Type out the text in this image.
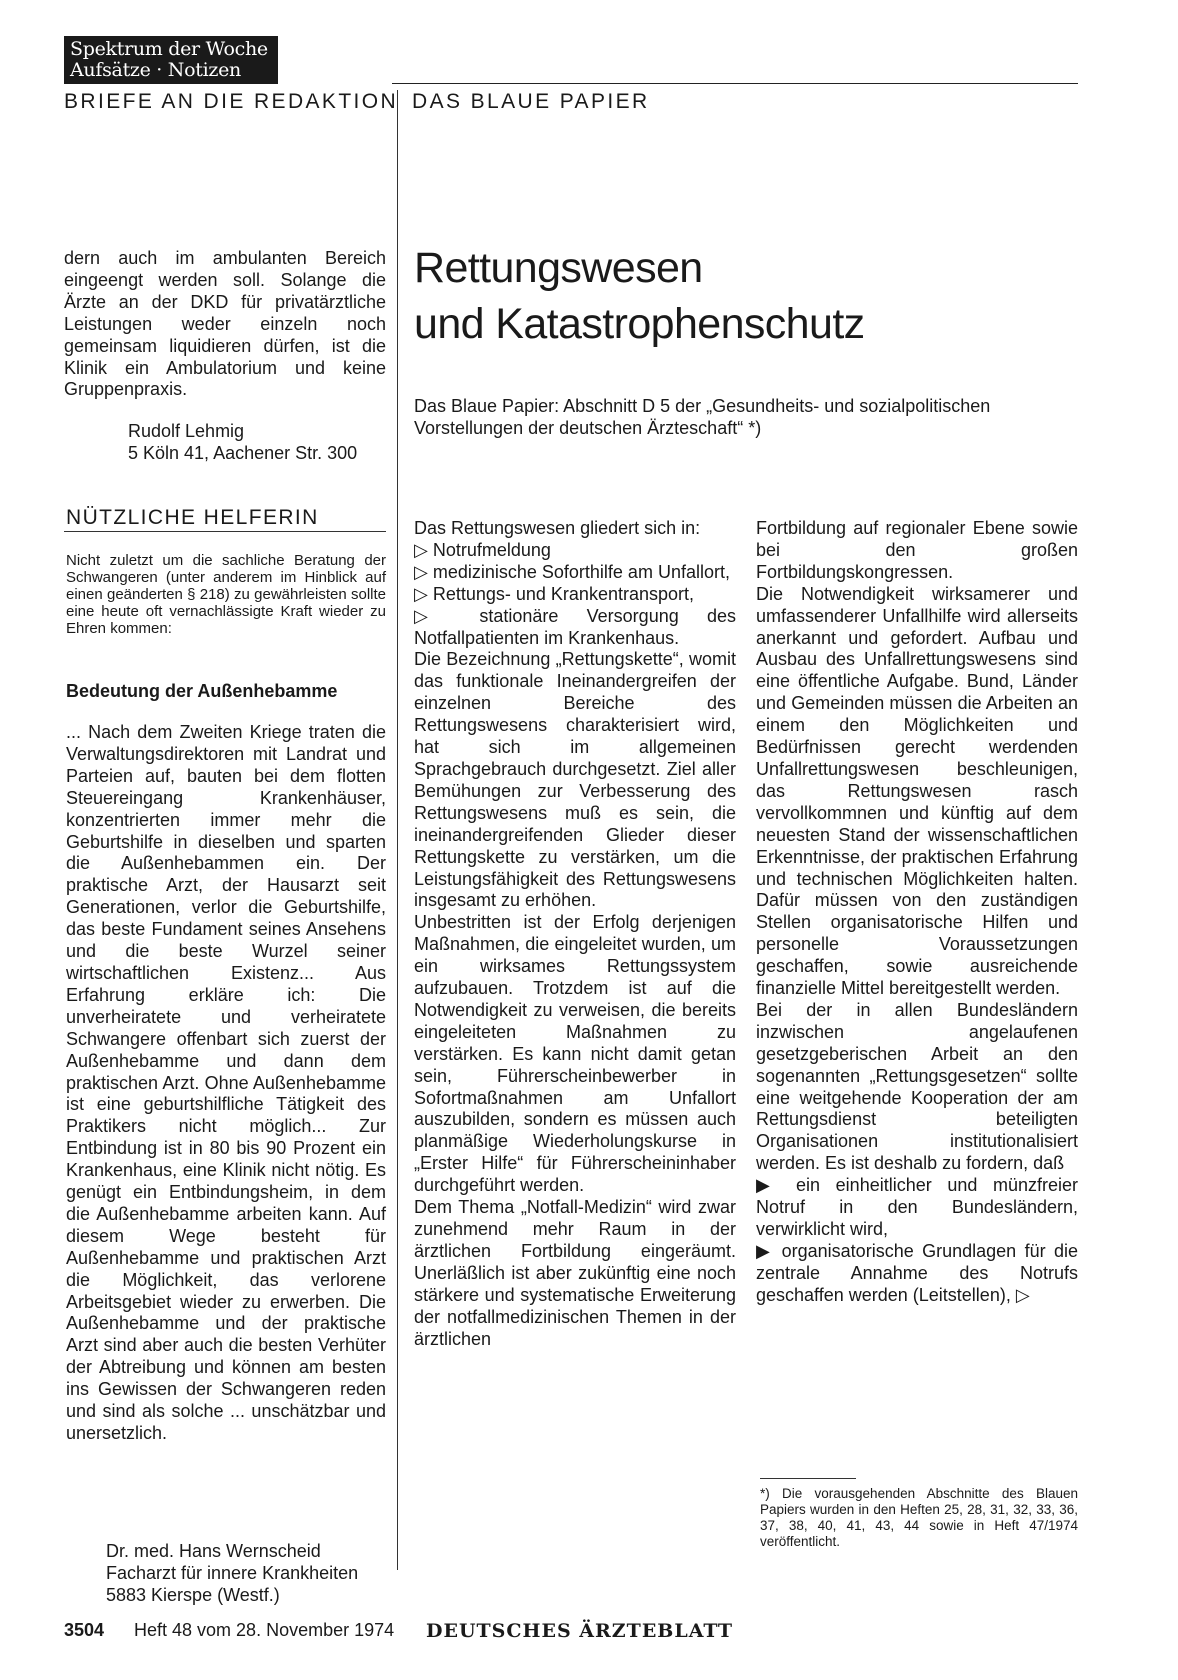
Spektrum der Woche
Aufsätze · Notizen
BRIEFE AN DIE REDAKTION DAS BLAUE PAPIER
dern auch im ambulanten Bereich eingeengt werden soll. Solange die Ärzte an der DKD für privatärztliche Leistungen weder einzeln noch gemeinsam liquidieren dürfen, ist die Klinik ein Ambulatorium und keine Gruppenpraxis.
Rudolf Lehmig
5 Köln 41, Aachener Str. 300
NÜTZLICHE HELFERIN
Nicht zuletzt um die sachliche Beratung der Schwangeren (unter anderem im Hinblick auf einen geänderten § 218) zu gewährleisten sollte eine heute oft vernachlässigte Kraft wieder zu Ehren kommen:
Bedeutung der Außenhebamme
... Nach dem Zweiten Kriege traten die Verwaltungsdirektoren mit Landrat und Parteien auf, bauten bei dem flotten Steuereingang Krankenhäuser, konzentrierten immer mehr die Geburtshilfe in dieselben und sparten die Außenhebammen ein. Der praktische Arzt, der Hausarzt seit Generationen, verlor die Geburtshilfe, das beste Fundament seines Ansehens und die beste Wurzel seiner wirtschaftlichen Existenz... Aus Erfahrung erkläre ich: Die unverheiratete und verheiratete Schwangere offenbart sich zuerst der Außenhebamme und dann dem praktischen Arzt. Ohne Außenhebamme ist eine geburtshilfliche Tätigkeit des Praktikers nicht möglich... Zur Entbindung ist in 80 bis 90 Prozent ein Krankenhaus, eine Klinik nicht nötig. Es genügt ein Entbindungsheim, in dem die Außenhebamme arbeiten kann. Auf diesem Wege besteht für Außenhebamme und praktischen Arzt die Möglichkeit, das verlorene Arbeitsgebiet wieder zu erwerben. Die Außenhebamme und der praktische Arzt sind aber auch die besten Verhüter der Abtreibung und können am besten ins Gewissen der Schwangeren reden und sind als solche ... unschätzbar und unersetzlich.
Dr. med. Hans Wernscheid
Facharzt für innere Krankheiten
5883 Kierspe (Westf.)
Rettungswesen
und Katastrophenschutz
Das Blaue Papier: Abschnitt D 5 der „Gesundheits- und sozialpolitischen Vorstellungen der deutschen Ärzteschaft“ *)

Das Rettungswesen gliedert sich in:

▷ Notrufmeldung

▷ medizinische Soforthilfe am Unfallort,

▷ Rettungs- und Krankentransport,

▷ stationäre Versorgung des Notfallpatienten im Krankenhaus.

Die Bezeichnung „Rettungskette“, womit das funktionale Ineinandergreifen der einzelnen Bereiche des Rettungswesens charakterisiert wird, hat sich im allgemeinen Sprachgebrauch durchgesetzt. Ziel aller Bemühungen zur Verbesserung des Rettungswesens muß es sein, die ineinandergreifenden Glieder dieser Rettungskette zu verstärken, um die Leistungsfähigkeit des Rettungswesens insgesamt zu erhöhen.

Unbestritten ist der Erfolg derjenigen Maßnahmen, die eingeleitet wurden, um ein wirksames Rettungssystem aufzubauen. Trotzdem ist auf die Notwendigkeit zu verweisen, die bereits eingeleiteten Maßnahmen zu verstärken. Es kann nicht damit getan sein, Führerscheinbewerber in Sofortmaßnahmen am Unfallort auszubilden, sondern es müssen auch planmäßige Wiederholungskurse in „Erster Hilfe“ für Führerscheininhaber durchgeführt werden.

Dem Thema „Notfall-Medizin“ wird zwar zunehmend mehr Raum in der ärztlichen Fortbildung eingeräumt. Unerläßlich ist aber zukünftig eine noch stärkere und systematische Erweiterung der notfallmedizinischen Themen in der ärztlichen

Fortbildung auf regionaler Ebene sowie bei den großen Fortbildungskongressen.

Die Notwendigkeit wirksamerer und umfassenderer Unfallhilfe wird allerseits anerkannt und gefordert. Aufbau und Ausbau des Unfallrettungswesens sind eine öffentliche Aufgabe. Bund, Länder und Gemeinden müssen die Arbeiten an einem den Möglichkeiten und Bedürfnissen gerecht werdenden Unfallrettungswesen beschleunigen, das Rettungswesen rasch vervollkommnen und künftig auf dem neuesten Stand der wissenschaftlichen Erkenntnisse, der praktischen Erfahrung und technischen Möglichkeiten halten. Dafür müssen von den zuständigen Stellen organisatorische Hilfen und personelle Voraussetzungen geschaffen, sowie ausreichende finanzielle Mittel bereitgestellt werden.

Bei der in allen Bundesländern inzwischen angelaufenen gesetzgeberischen Arbeit an den sogenannten „Rettungsgesetzen“ sollte eine weitgehende Kooperation der am Rettungsdienst beteiligten Organisationen institutionalisiert werden. Es ist deshalb zu fordern, daß

▶ ein einheitlicher und münzfreier Notruf in den Bundesländern, verwirklicht wird,

▶ organisatorische Grundlagen für die zentrale Annahme des Notrufs geschaffen werden (Leitstellen), ▷

*) Die vorausgehenden Abschnitte des Blauen Papiers wurden in den Heften 25, 28, 31, 32, 33, 36, 37, 38, 40, 41, 43, 44 sowie in Heft 47/1974 veröffentlicht.
3504 Heft 48 vom 28. November 1974 DEUTSCHES ÄRZTEBLATT
